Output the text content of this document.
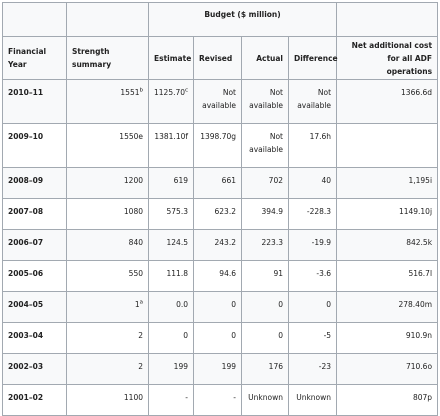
		Budget ($ million)				
Financial Year	Strength summary	Estimate	Revised	Actual	Difference	Net additional cost for all ADF operations
2010–11	1551$^b$	1125.70$^c$	Not available	Not available	Not available	1366.6d
2009–10	1550e	1381.10f	1398.70g	Not available	17.6h	
2008–09	1200	619	661	702	40	1,195i
2007–08	1080	575.3	623.2	394.9	-228.3	1149.10j
2006–07	840	124.5	243.2	223.3	-19.9	842.5k
2005–06	550	111.8	94.6	91	-3.6	516.7l
2004–05	1$^a$	0.0	0	0	0	278.40m
2003–04	2	0	0	0	-5	910.9n
2002–03	2	199	199	176	-23	710.6o
2001–02	1100	-	-	Unknown	Unknown	807p
